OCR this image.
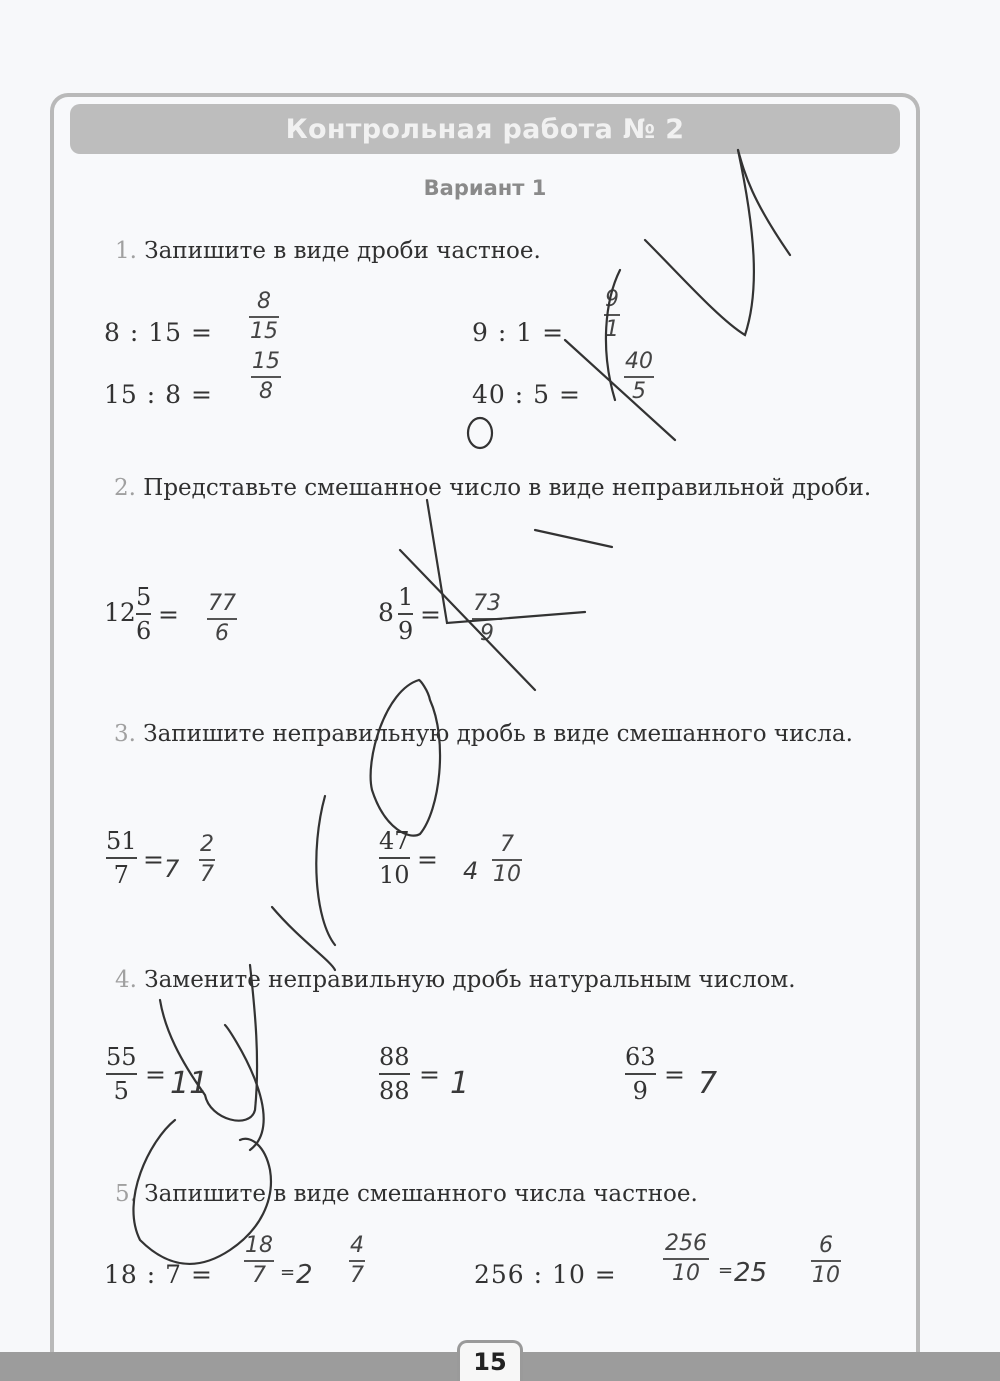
Контрольная работа № 2
Вариант 1
1. Запишите в виде дроби частное.
8 : 15 =
8
15
15 : 8 =
15
8
9 : 1 =
9
1
40 : 5 =
40
5
2. Представьте смешанное число в виде неправильной дроби.
12
5
6
= 77
6
8
1
9
= 73
9
3. Запишите неправильную дробь в виде смешанного числа.
51
7
= 7
2
7
47
10
= 4
7
10
4. Замените неправильную дробь натуральным числом.
55
5
= 11
88
88
= 1
63
9
= 7
5. Запишите в виде смешанного числа частное.
18 : 7 =
18
7 = 2
4
7	256 : 10 =
256
10 = 25
6
10
15
